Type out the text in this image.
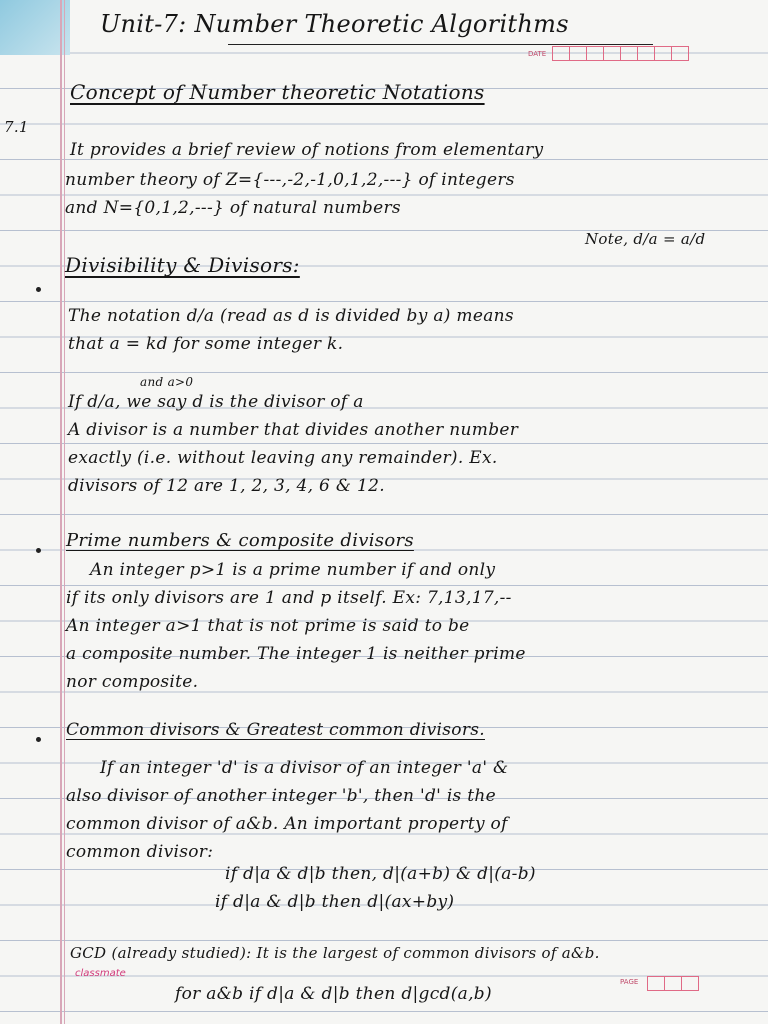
Unit-7: Number Theoretic Algorithms
DATE
7.1
Concept of Number theoretic Notations
It provides a brief review of notions from elementary
number theory of Z={---,-2,-1,0,1,2,---} of integers
and N={0,1,2,---} of natural numbers
Divisibility & Divisors:
Note, d/a = a/d
The notation d/a (read as d is divided by a) means
that a = kd for some integer k.
and a>0
If d/a, we say d is the divisor of a
A divisor is a number that divides another number
exactly (i.e. without leaving any remainder). Ex.
divisors of 12 are 1, 2, 3, 4, 6 & 12.
Prime numbers & composite divisors
An integer p>1 is a prime number if and only
if its only divisors are 1 and p itself. Ex: 7,13,17,--
An integer a>1 that is not prime is said to be
a composite number. The integer 1 is neither prime
nor composite.
Common divisors & Greatest common divisors.
If an integer 'd' is a divisor of an integer 'a' &
also divisor of another integer 'b', then 'd' is the
common divisor of a&b. An important property of
common divisor:
if d|a & d|b then, d|(a+b) & d|(a-b)
if d|a & d|b then d|(ax+by)
GCD (already studied): It is the largest of common divisors of a&b.
for a&b if d|a & d|b then d|gcd(a,b)
classmate
PAGE
